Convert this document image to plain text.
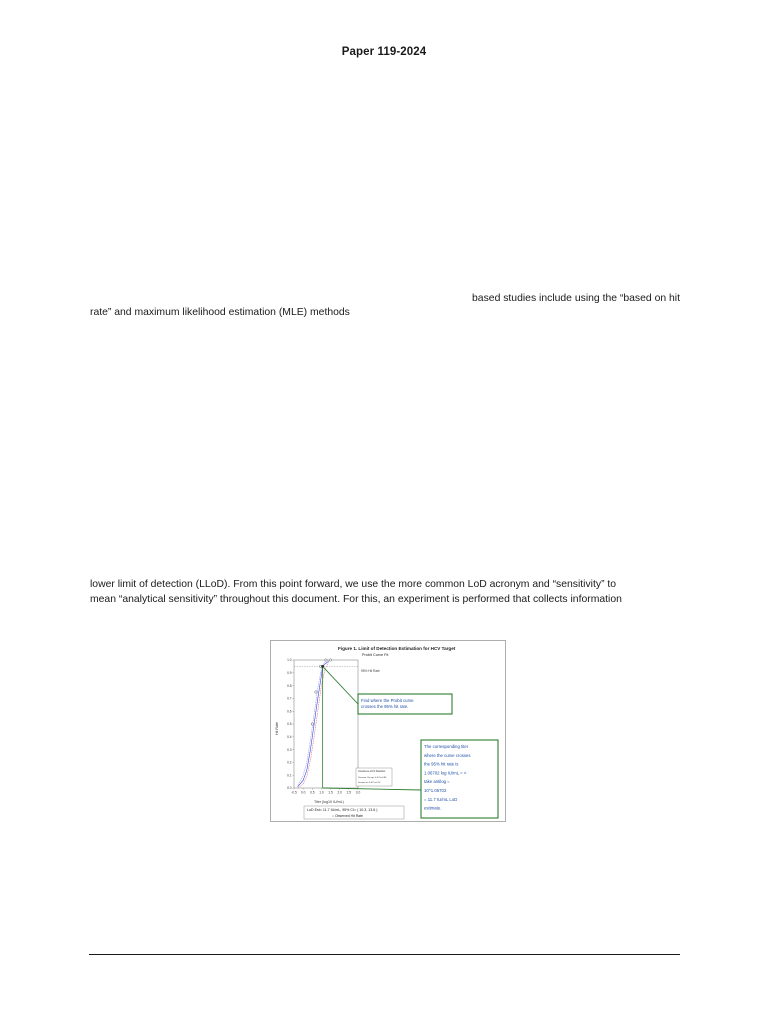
Paper 119-2024
based studies include using the “based on hit
rate” and maximum likelihood estimation (MLE) methods
lower limit of detection (LLoD). From this point forward, we use the more common LoD acronym and “sensitivity” to
mean “analytical sensitivity” throughout this document. For this, an experiment is performed that collects information
Figure 1. Limit of Detection Estimation for HCV Target
Probit Curve Fit
0.0
0.1
0.2
0.3
0.4
0.5
0.6
0.7
0.8
0.9
1.0
-0.5 0.0 0.5 1.0 1.5 2.0 2.5 3.0
95% Hit Rate
Hit Rate
Titer (log10 IU/mL)
LoD Est= 11.7 IU/mL, 95% CI= ( 10.3, 13.6 )
○ Observed Hit Rate
Goodness-of-Fit Statistics
Pearson Chi-sq= 0.4 Pr=0.84
Deviance= 0.6 Pr=0.74
Find where the Probit curve crosses the 95% hit rate.
The corresponding titer where the curve crosses the 95% hit rate is 1.06702 log IU/mL = > take antilog = 10^1.06702 = 11.7 IU/mL LoD estimate.
